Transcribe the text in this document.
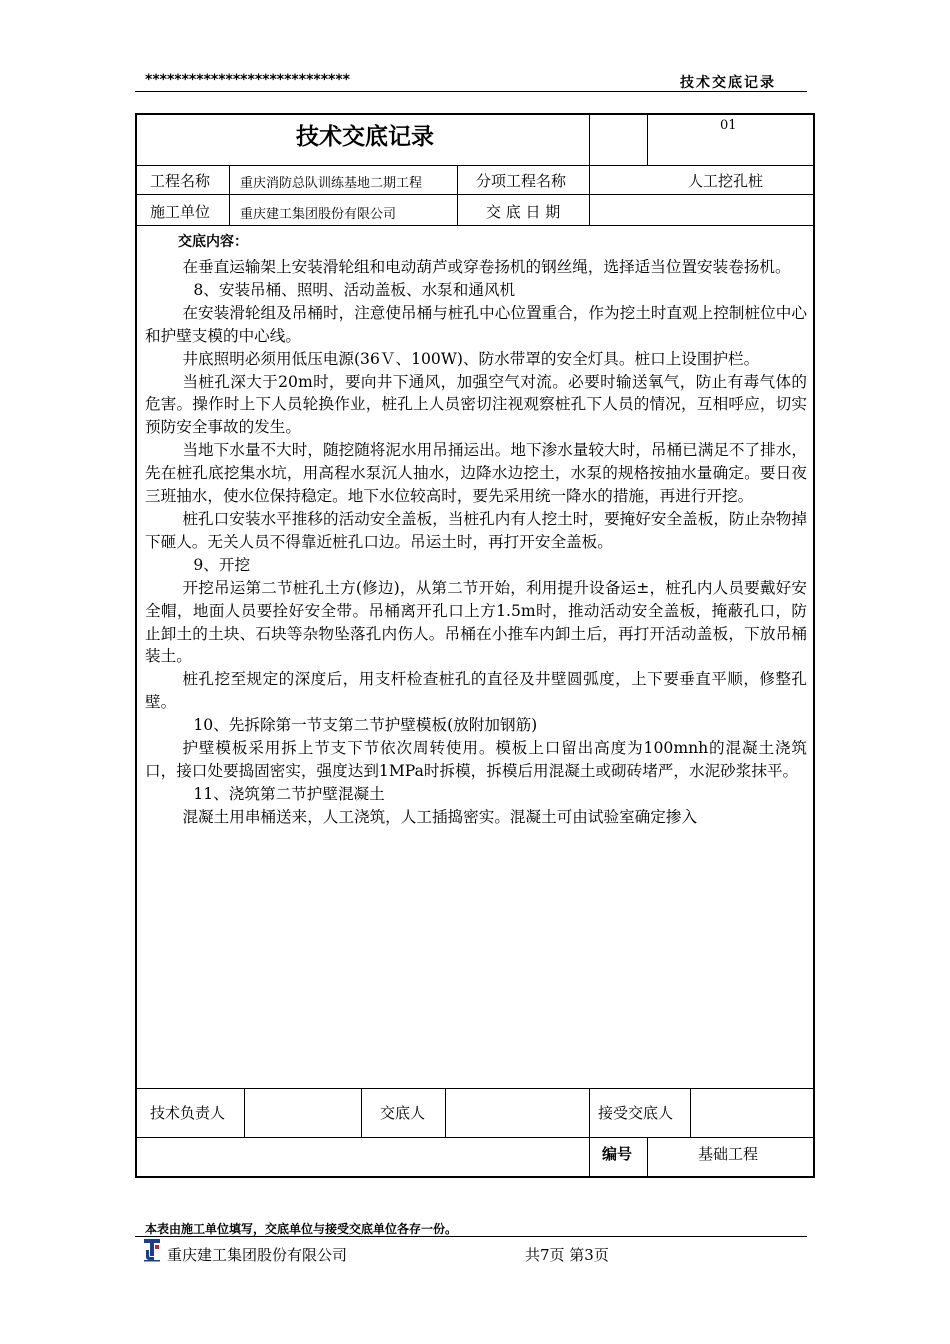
****************************	技术交底记录
技术交底记录	01
工程名称 重庆消防总队训练基地二期工程	分项工程名称	人工挖孔桩
施工单位 重庆建工集团股份有限公司	交 底 日 期
交底内容：

在垂直运输架上安装滑轮组和电动葫芦或穿卷扬机的钢丝绳，选择适当位置安装卷扬机。

8、安装吊桶、照明、活动盖板、水泵和通风机

在安装滑轮组及吊桶时，注意使吊桶与桩孔中心位置重合，作为挖土时直观上控制桩位中心和护壁支模的中心线。

井底照明必须用低压电源(36Ｖ、100W)、防水带罩的安全灯具。桩口上设围护栏。

当桩孔深大于20m时，要向井下通风，加强空气对流。必要时输送氧气，防止有毒气体的危害。操作时上下人员轮换作业，桩孔上人员密切注视观察桩孔下人员的情况，互相呼应，切实预防安全事故的发生。

当地下水量不大时，随挖随将泥水用吊捅运出。地下渗水量较大时，吊桶已满足不了排水，先在桩孔底挖集水坑，用高程水泵沉人抽水，边降水边挖土，水泵的规格按抽水量确定。要日夜三班抽水，使水位保持稳定。地下水位较高时，要先采用统一降水的措施，再进行开挖。

桩孔口安装水平推移的活动安全盖板，当桩孔内有人挖土时，要掩好安全盖板，防止杂物掉下砸人。无关人员不得靠近桩孔口边。吊运土时，再打开安全盖板。

9、开挖

开挖吊运第二节桩孔土方(修边)，从第二节开始，利用提升设备运±，桩孔内人员要戴好安全帽，地面人员要拴好安全带。吊桶离开孔口上方1.5m时，推动活动安全盖板，掩蔽孔口，防止卸土的土块、石块等杂物坠落孔内伤人。吊桶在小推车内卸土后，再打开活动盖板，下放吊桶装土。

桩孔挖至规定的深度后，用支杆检查桩孔的直径及井壁圆弧度，上下要垂直平顺，修整孔壁。

10、先拆除第一节支第二节护壁模板(放附加钢筋)

护壁模板采用拆上节支下节依次周转使用。模板上口留出高度为100mnh的混凝土浇筑口，接口处要捣固密实，强度达到1MPa时拆模，拆模后用混凝土或砌砖堵严，水泥砂浆抹平。

11、浇筑第二节护壁混凝土

混凝土用串桶送来，人工浇筑，人工插捣密实。混凝土可由试验室确定掺入

技术负责人	交底人	接受交底人
编号	基础工程
本表由施工单位填写，交底单位与接受交底单位各存一份。
重庆建工集团股份有限公司	共7页 第3页
